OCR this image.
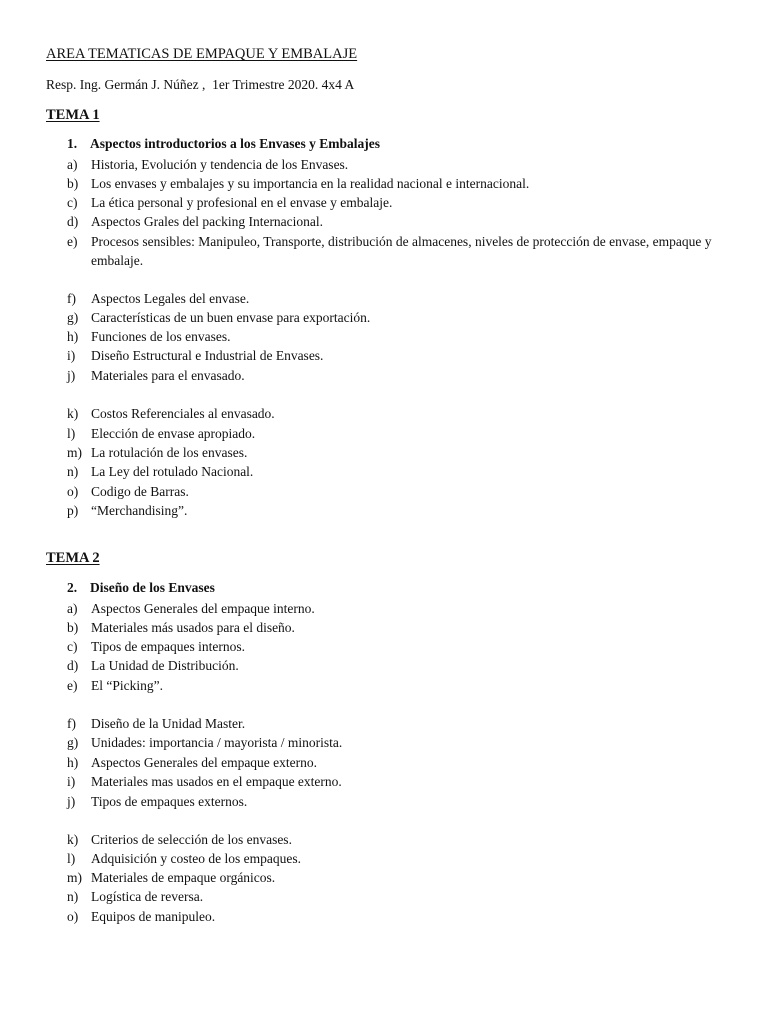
AREA TEMATICAS DE EMPAQUE Y EMBALAJE
Resp. Ing. Germán J. Núñez ,  1er Trimestre 2020. 4x4 A
TEMA 1
1. Aspectos introductorios a los Envases y Embalajes
a)	Historia, Evolución y tendencia de los Envases.
b) Los envases y embalajes y su importancia en la realidad nacional e internacional.
c)	La ética personal y profesional en el envase y embalaje.
d) Aspectos Grales del packing Internacional.
e)	Procesos sensibles: Manipuleo, Transporte, distribución de almacenes, niveles de protección de envase, empaque y embalaje.
f)	Aspectos Legales del envase.
g) Características de un buen envase para exportación.
h) Funciones de los envases.
i)	Diseño Estructural e Industrial de Envases.
j)	Materiales para el envasado.
k) Costos Referenciales al envasado.
l)	Elección de envase apropiado.
m) La rotulación de los envases.
n) La Ley del rotulado Nacional.
o) Codigo de Barras.
p) “Merchandising”.
TEMA 2
2. Diseño de los Envases
a)	Aspectos Generales del empaque interno.
b) Materiales más usados para el diseño.
c)	Tipos de empaques internos.
d) La Unidad de Distribución.
e)	El “Picking”.
f)	Diseño de la Unidad Master.
g) Unidades: importancia / mayorista / minorista.
h) Aspectos Generales del empaque externo.
i)	Materiales mas usados en el empaque externo.
j)	Tipos de empaques externos.
k) Criterios de selección de los envases.
l)	Adquisición y costeo de los empaques.
m) Materiales de empaque orgánicos.
n) Logística de reversa.
o) Equipos de manipuleo.
